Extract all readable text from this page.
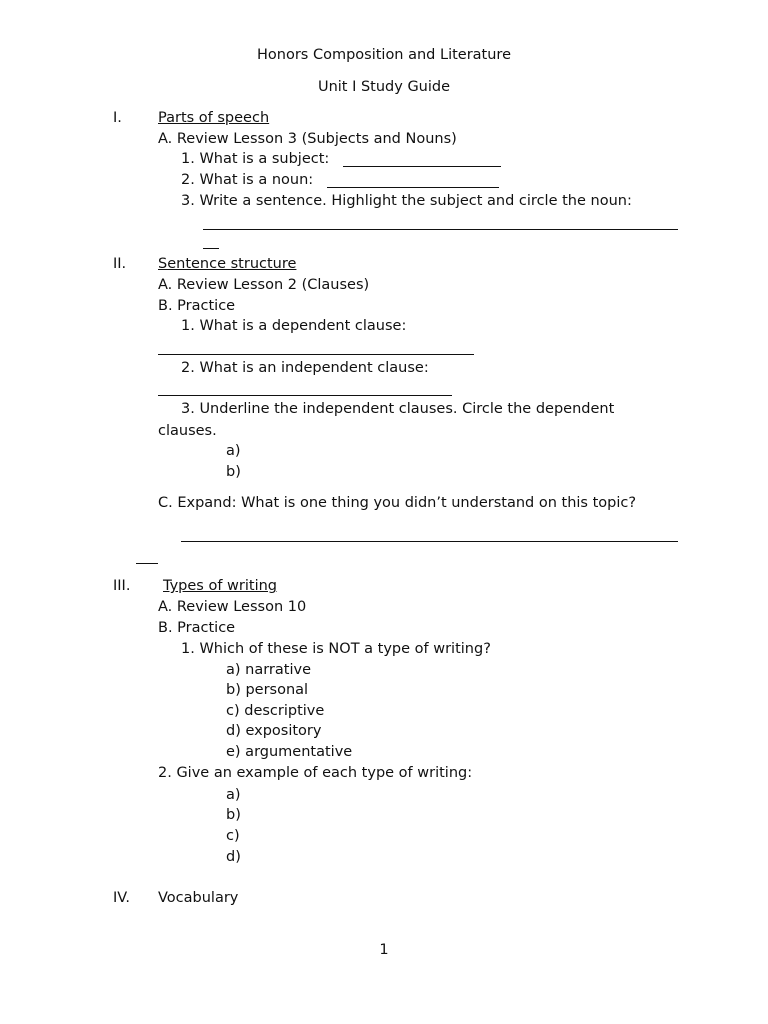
Honors Composition and Literature
Unit I Study Guide
I. Parts of speech
A. Review Lesson 3 (Subjects and Nouns)
1. What is a subject:
2. What is a noun:
3. Write a sentence. Highlight the subject and circle the noun:
II. Sentence structure
A. Review Lesson 2 (Clauses)
B. Practice
1. What is a dependent clause:
2. What is an independent clause:
3. Underline the independent clauses. Circle the dependent
clauses.
a)
b)
C. Expand: What is one thing you didn’t understand on this topic?
III. Types of writing
A. Review Lesson 10
B. Practice
1. Which of these is NOT a type of writing?
a) narrative
b) personal
c) descriptive
d) expository
e) argumentative
2. Give an example of each type of writing:
a)
b)
c)
d)
IV. Vocabulary
1
